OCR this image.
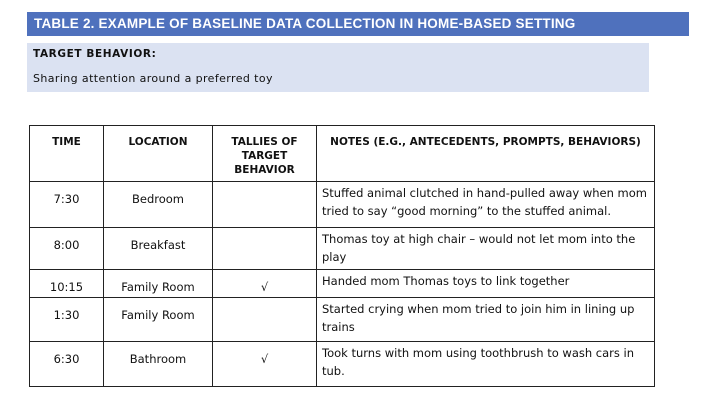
TABLE 2. EXAMPLE OF BASELINE DATA COLLECTION IN HOME-BASED SETTING
TARGET BEHAVIOR:
Sharing attention around a preferred toy
TIME	LOCATION	TALLIES OF TARGET BEHAVIOR	NOTES (E.G., ANTECEDENTS, PROMPTS, BEHAVIORS)
7:30	Bedroom		Stuffed animal clutched in hand-pulled away when mom tried to say “good morning” to the stuffed animal.
8:00	Breakfast		Thomas toy at high chair – would not let mom into the play
10:15	Family Room	√	Handed mom Thomas toys to link together
1:30	Family Room		Started crying when mom tried to join him in lining up trains
6:30	Bathroom	√	Took turns with mom using toothbrush to wash cars in tub.
